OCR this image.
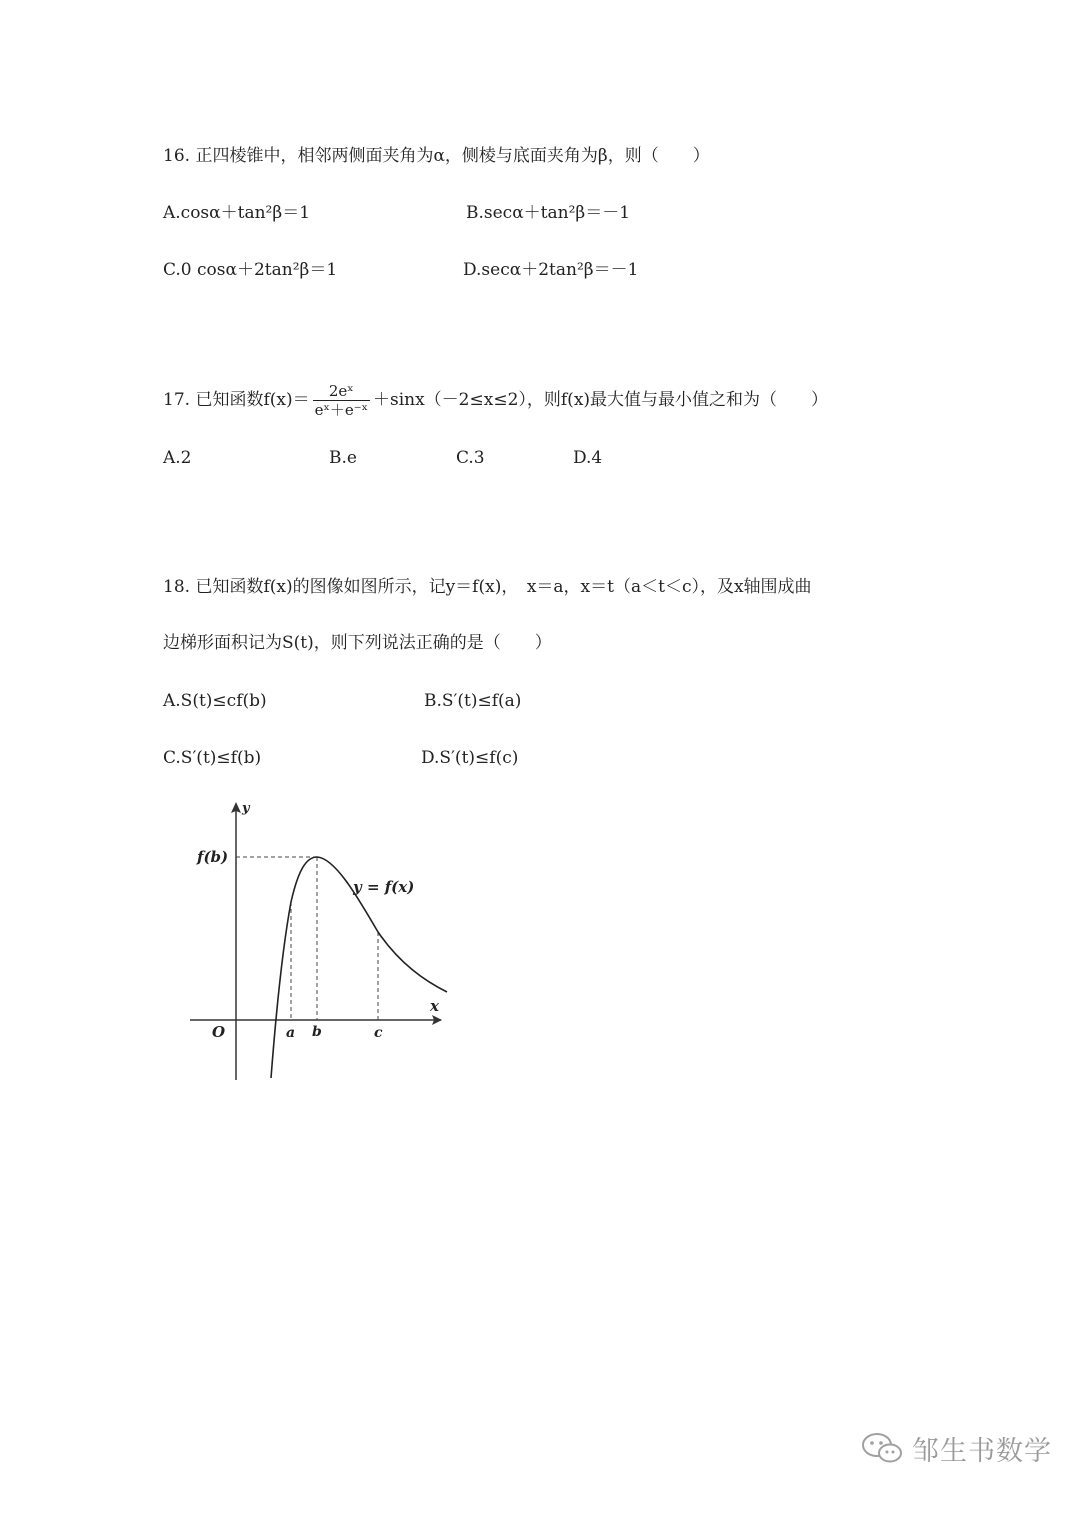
16. 正四棱锥中，相邻两侧面夹角为α，侧棱与底面夹角为β，则（　　）
A.cosα＋tan²β＝1	B.secα＋tan²β＝－1
C.0 cosα＋2tan²β＝1	D.secα＋2tan²β＝－1
17. 已知函数$f(x)= \frac{\text{2eˣ}}{\text{eˣ＋e⁻ˣ}} +\sin x(-2\le x\le 2)$，则f(x)最大值与最小值之和为（　　）
A.2	B.e	C.3	D.4
18. 已知函数f(x)的图像如图所示，记y＝f(x)，　x＝a，x＝t（a＜t＜c），及x轴围成曲
边梯形面积记为S(t)，则下列说法正确的是（　　）
A.S(t)≤cf(b)	B.S′(t)≤f(a)
C.S′(t)≤f(b)	D.S′(t)≤f(c)
y
x
O
f(b)
y = f(x)
a b	c
邹生书数学
